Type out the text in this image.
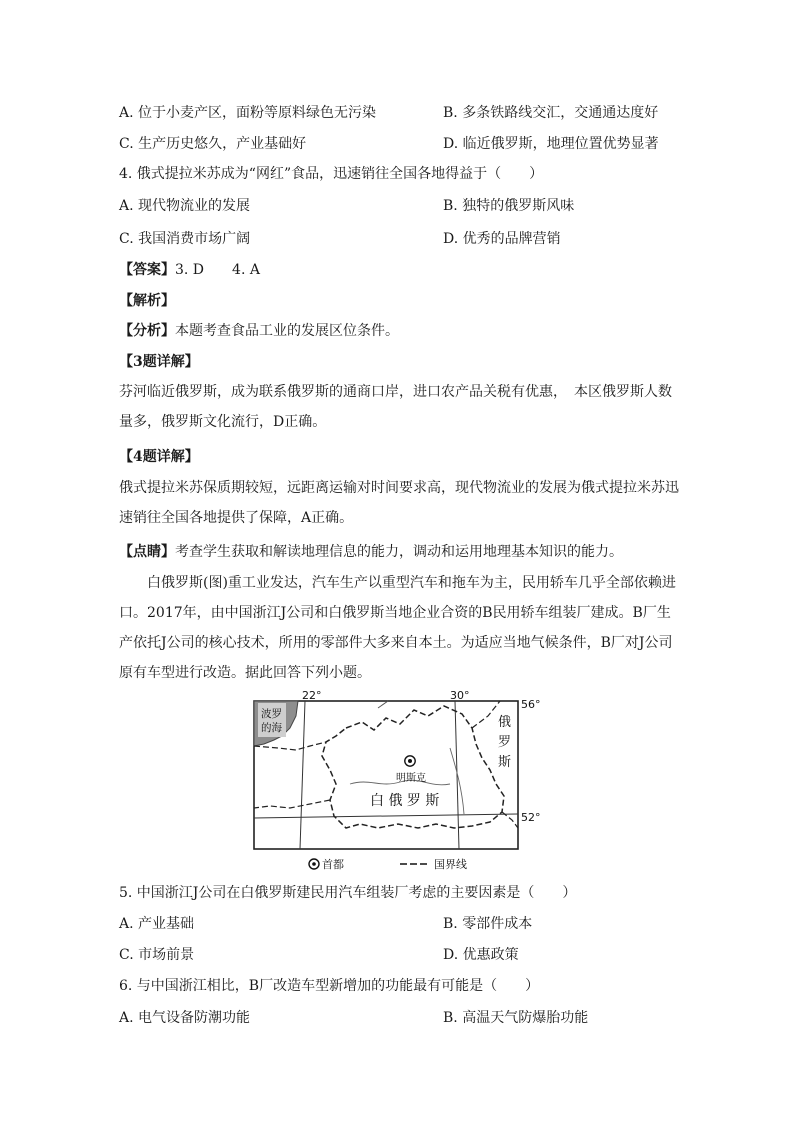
A. 位于小麦产区，面粉等原料绿色无污染	B. 多条铁路线交汇，交通通达度好
C. 生产历史悠久，产业基础好	D. 临近俄罗斯，地理位置优势显著
4. 俄式提拉米苏成为“网红”食品，迅速销往全国各地得益于（　　）
A. 现代物流业的发展	B. 独特的俄罗斯风味
C. 我国消费市场广阔	D. 优秀的品牌营销
【答案】3. D　　4. A
【解析】
【分析】本题考查食品工业的发展区位条件。
【3题详解】
芬河临近俄罗斯，成为联系俄罗斯的通商口岸，进口农产品关税有优惠，　本区俄罗斯人数量多，俄罗斯文化流行，D正确。
【4题详解】
俄式提拉米苏保质期较短，远距离运输对时间要求高，现代物流业的发展为俄式提拉米苏迅速销往全国各地提供了保障，A正确。
【点睛】考查学生获取和解读地理信息的能力，调动和运用地理基本知识的能力。
白俄罗斯(图)重工业发达，汽车生产以重型汽车和拖车为主，民用轿车几乎全部依赖进口。2017年，由中国浙江J公司和白俄罗斯当地企业合资的B民用轿车组装厂建成。B厂生产依托J公司的核心技术，所用的零部件大多来自本土。为适应当地气候条件，B厂对J公司原有车型进行改造。据此回答下列小题。
波罗
的海
明斯克
白 俄 罗 斯
俄
罗
斯
22°	30°
56°
52°
首都	国界线
5. 中国浙江J公司在白俄罗斯建民用汽车组装厂考虑的主要因素是（　　）
A. 产业基础	B. 零部件成本
C. 市场前景	D. 优惠政策
6. 与中国浙江相比，B厂改造车型新增加的功能最有可能是（　　）
A. 电气设备防潮功能	B. 高温天气防爆胎功能
